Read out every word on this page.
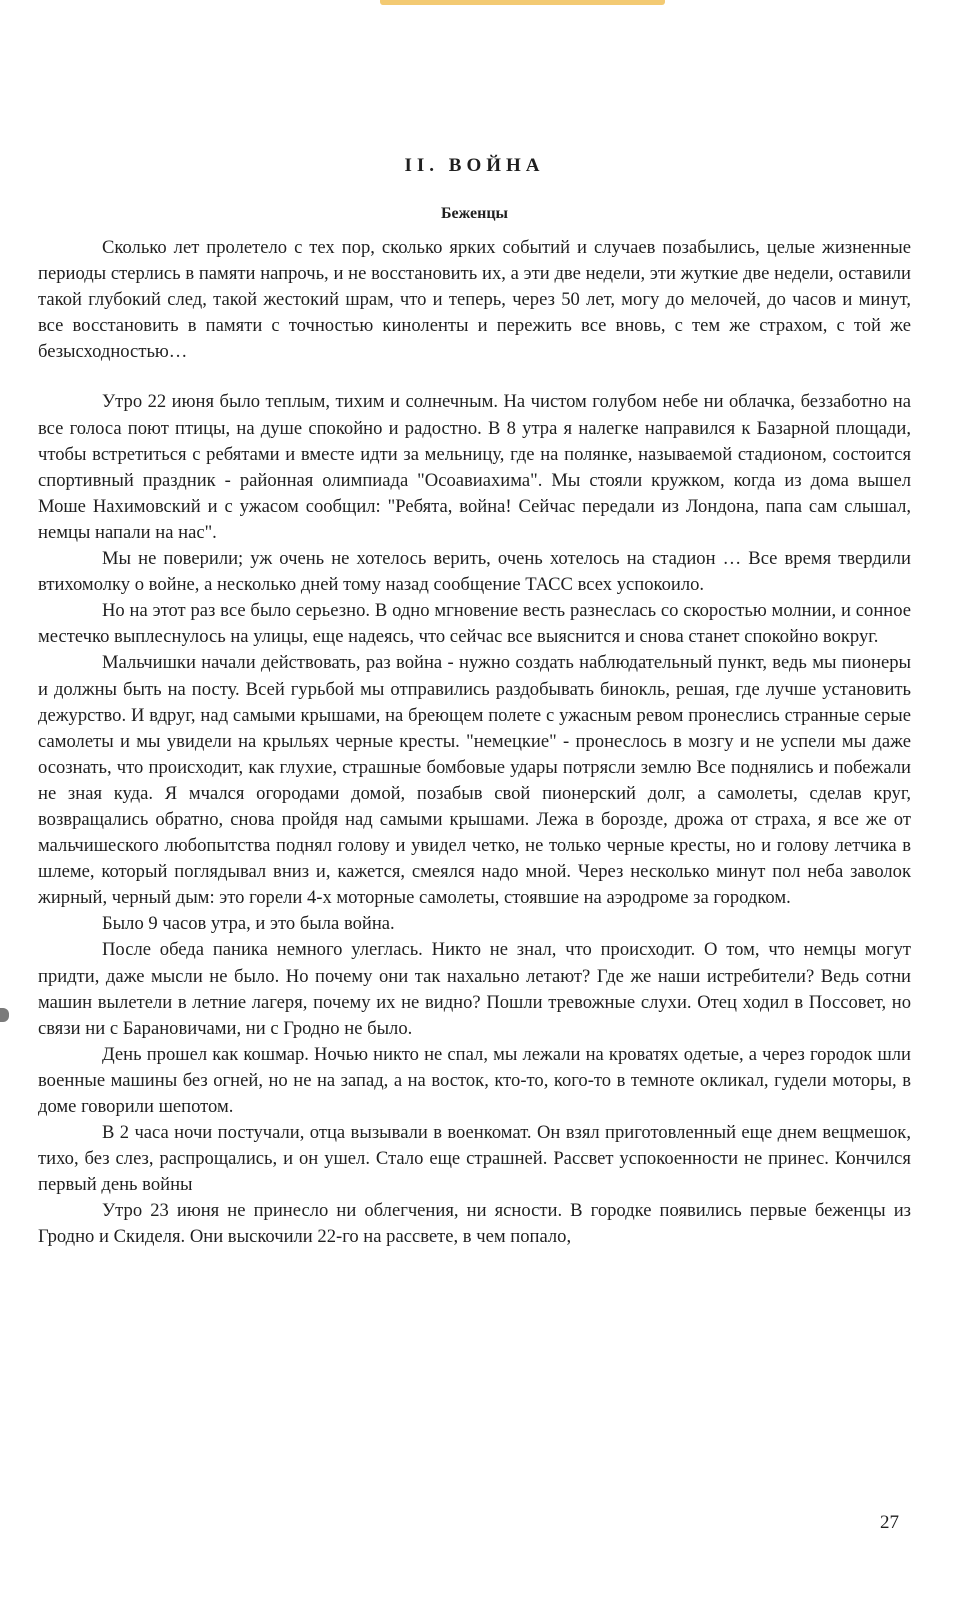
II. ВОЙНА
Беженцы

Сколько лет пролетело с тех пор, сколько ярких событий и случаев позабылись, целые жизненные периоды стерлись в памяти напрочь, и не восстановить их, а эти две недели, эти жуткие две недели, оставили такой глубокий след, такой жестокий шрам, что и теперь, через 50 лет, могу до мелочей, до часов и минут, все восстановить в памяти с точностью киноленты и пережить все вновь, с тем же страхом, с той же безысходностью…

Утро 22 июня было теплым, тихим и солнечным. На чистом голубом небе ни облачка, беззаботно на все голоса поют птицы, на душе спокойно и радостно. В 8 утра я налегке направился к Базарной площади, чтобы встретиться с ребятами и вместе идти за мельницу, где на полянке, называемой стадионом, состоится спортивный праздник - районная олимпиада "Осоавиахима". Мы стояли кружком, когда из дома вышел Моше Нахимовский и с ужасом сообщил: "Ребята, война! Сейчас передали из Лондона, папа сам слышал, немцы напали на нас".

Мы не поверили; уж очень не хотелось верить, очень хотелось на стадион … Все время твердили втихомолку о войне, а несколько дней тому назад сообщение ТАСС всех успокоило.

Но на этот раз все было серьезно. В одно мгновение весть разнеслась со скоростью молнии, и сонное местечко выплеснулось на улицы, еще надеясь, что сейчас все выяснится и снова станет спокойно вокруг.

Мальчишки начали действовать, раз война - нужно создать наблюдательный пункт, ведь мы пионеры и должны быть на посту. Всей гурьбой мы отправились раздобывать бинокль, решая, где лучше установить дежурство. И вдруг, над самыми крышами, на бреющем полете с ужасным ревом пронеслись странные серые самолеты и мы увидели на крыльях черные кресты. "немецкие" - пронеслось в мозгу и не успели мы даже осознать, что происходит, как глухие, страшные бомбовые удары потрясли землю Все поднялись и побежали не зная куда. Я мчался огородами домой, позабыв свой пионерский долг, а самолеты, сделав круг, возвращались обратно, снова пройдя над самыми крышами. Лежа в борозде, дрожа от страха, я все же от мальчишеского любопытства поднял голову и увидел четко, не только черные кресты, но и голову летчика в шлеме, который поглядывал вниз и, кажется, смеялся надо мной. Через несколько минут пол неба заволок жирный, черный дым: это горели 4-х моторные самолеты, стоявшие на аэродроме за городком.

Было 9 часов утра, и это была война.

После обеда паника немного улеглась. Никто не знал, что происходит. О том, что немцы могут придти, даже мысли не было. Но почему они так нахально летают? Где же наши истребители? Ведь сотни машин вылетели в летние лагеря, почему их не видно? Пошли тревожные слухи. Отец ходил в Поссовет, но связи ни с Барановичами, ни с Гродно не было.

День прошел как кошмар. Ночью никто не спал, мы лежали на кроватях одетые, а через городок шли военные машины без огней, но не на запад, а на восток, кто-то, кого-то в темноте окликал, гудели моторы, в доме говорили шепотом.

В 2 часа ночи постучали, отца вызывали в военкомат. Он взял приготовленный еще днем вещмешок, тихо, без слез, распрощались, и он ушел. Стало еще страшней. Рассвет успокоенности не принес. Кончился первый день войны

Утро 23 июня не принесло ни облегчения, ни ясности. В городке появились первые беженцы из Гродно и Скиделя. Они выскочили 22-го на рассвете, в чем попало,

27
